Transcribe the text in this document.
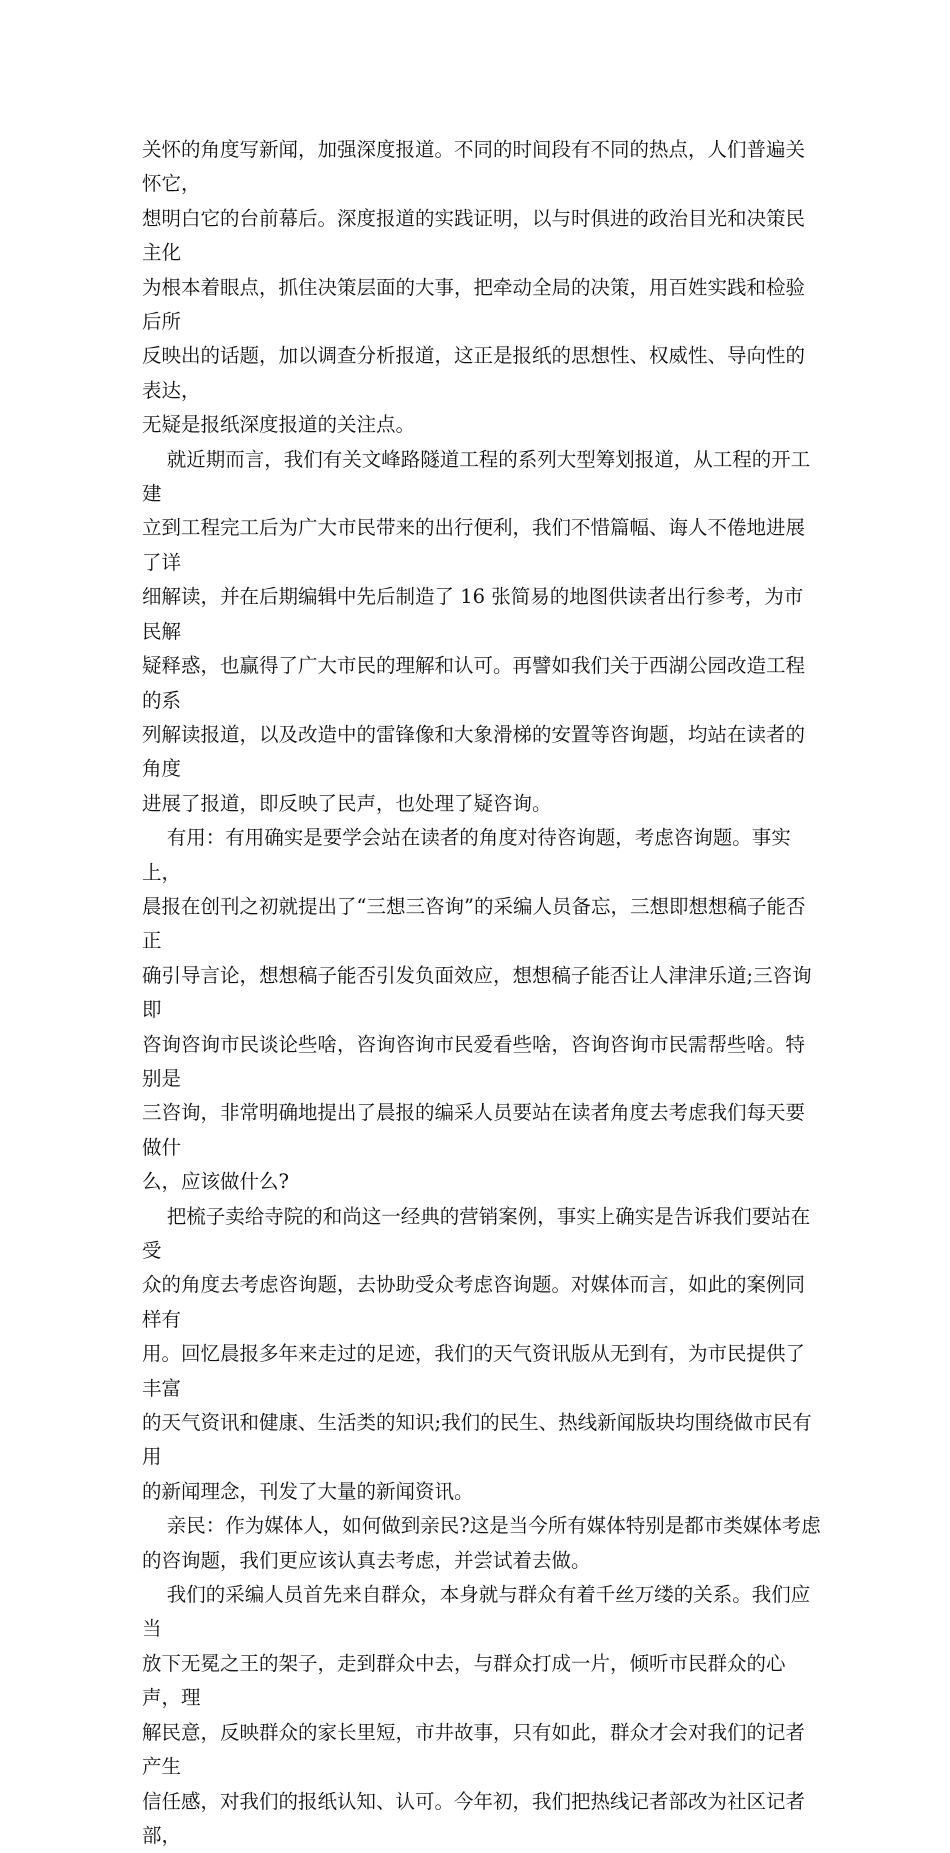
关怀的角度写新闻，加强深度报道。不同的时间段有不同的热点，人们普遍关怀它，
想明白它的台前幕后。深度报道的实践证明，以与时俱进的政治目光和决策民主化
为根本着眼点，抓住决策层面的大事，把牵动全局的决策，用百姓实践和检验后所
反映出的话题，加以调查分析报道，这正是报纸的思想性、权威性、导向性的表达，
无疑是报纸深度报道的关注点。

就近期而言，我们有关文峰路隧道工程的系列大型筹划报道，从工程的开工建
立到工程完工后为广大市民带来的出行便利，我们不惜篇幅、诲人不倦地进展了详
细解读，并在后期编辑中先后制造了 16 张简易的地图供读者出行参考，为市民解
疑释惑，也赢得了广大市民的理解和认可。再譬如我们关于西湖公园改造工程的系
列解读报道，以及改造中的雷锋像和大象滑梯的安置等咨询题，均站在读者的角度
进展了报道，即反映了民声，也处理了疑咨询。

有用：有用确实是要学会站在读者的角度对待咨询题，考虑咨询题。事实上，
晨报在创刊之初就提出了“三想三咨询”的采编人员备忘，三想即想想稿子能否正
确引导言论，想想稿子能否引发负面效应，想想稿子能否让人津津乐道;三咨询即
咨询咨询市民谈论些啥，咨询咨询市民爱看些啥，咨询咨询市民需帮些啥。特别是
三咨询，非常明确地提出了晨报的编采人员要站在读者角度去考虑我们每天要做什
么，应该做什么?

把梳子卖给寺院的和尚这一经典的营销案例，事实上确实是告诉我们要站在受
众的角度去考虑咨询题，去协助受众考虑咨询题。对媒体而言，如此的案例同样有
用。回忆晨报多年来走过的足迹，我们的天气资讯版从无到有，为市民提供了丰富
的天气资讯和健康、生活类的知识;我们的民生、热线新闻版块均围绕做市民有用
的新闻理念，刊发了大量的新闻资讯。

亲民：作为媒体人，如何做到亲民?这是当今所有媒体特别是都市类媒体考虑
的咨询题，我们更应该认真去考虑，并尝试着去做。

我们的采编人员首先来自群众，本身就与群众有着千丝万缕的关系。我们应当
放下无冕之王的架子，走到群众中去，与群众打成一片，倾听市民群众的心声，理
解民意，反映群众的家长里短，市井故事，只有如此，群众才会对我们的记者产生
信任感，对我们的报纸认知、认可。今年初，我们把热线记者部改为社区记者部，
